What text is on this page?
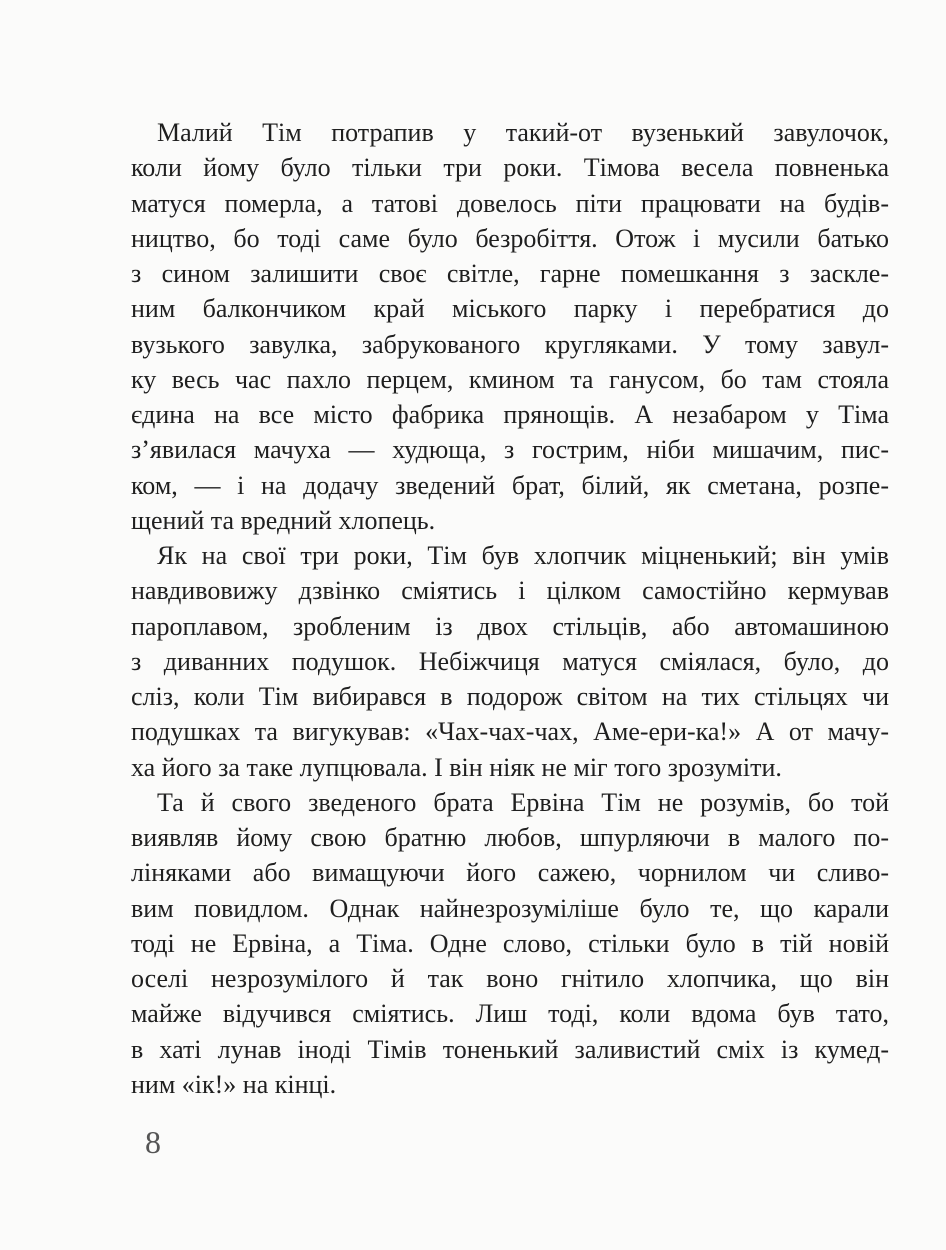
Малий Тім потрапив у такий-от вузенький завулочок,
коли йому було тільки три роки. Тімова весела повненька
матуся померла, а татові довелось піти працювати на будів-
ництво, бо тоді саме було безробіття. Отож і мусили батько
з сином залишити своє світле, гарне помешкання з заскле-
ним балкончиком край міського парку і перебратися до
вузького завулка, забрукованого кругляками. У тому завул-
ку весь час пахло перцем, кмином та ганусом, бо там стояла
єдина на все місто фабрика прянощів. А незабаром у Тіма
з’явилася мачуха — худюща, з гострим, ніби мишачим, пис-
ком, — і на додачу зведений брат, білий, як сметана, розпе-
щений та вредний хлопець.
Як на свої три роки, Тім був хлопчик міцненький; він умів
навдивовижу дзвінко сміятись і цілком самостійно кермував
пароплавом, зробленим із двох стільців, або автомашиною
з диванних подушок. Небіжчиця матуся сміялася, було, до
сліз, коли Тім вибирався в подорож світом на тих стільцях чи
подушках та вигукував: «Чах-чах-чах, Аме-ери-ка!» А от мачу-
ха його за таке лупцювала. І він ніяк не міг того зрозуміти.
Та й свого зведеного брата Ервіна Тім не розумів, бо той
виявляв йому свою братню любов, шпурляючи в малого по-
ліняками або вимащуючи його сажею, чорнилом чи сливо-
вим повидлом. Однак найнезрозуміліше було те, що карали
тоді не Ервіна, а Тіма. Одне слово, стільки було в тій новій
оселі незрозумілого й так воно гнітило хлопчика, що він
майже відучився сміятись. Лиш тоді, коли вдома був тато,
в хаті лунав іноді Тімів тоненький заливистий сміх із кумед-
ним «ік!» на кінці.
8
